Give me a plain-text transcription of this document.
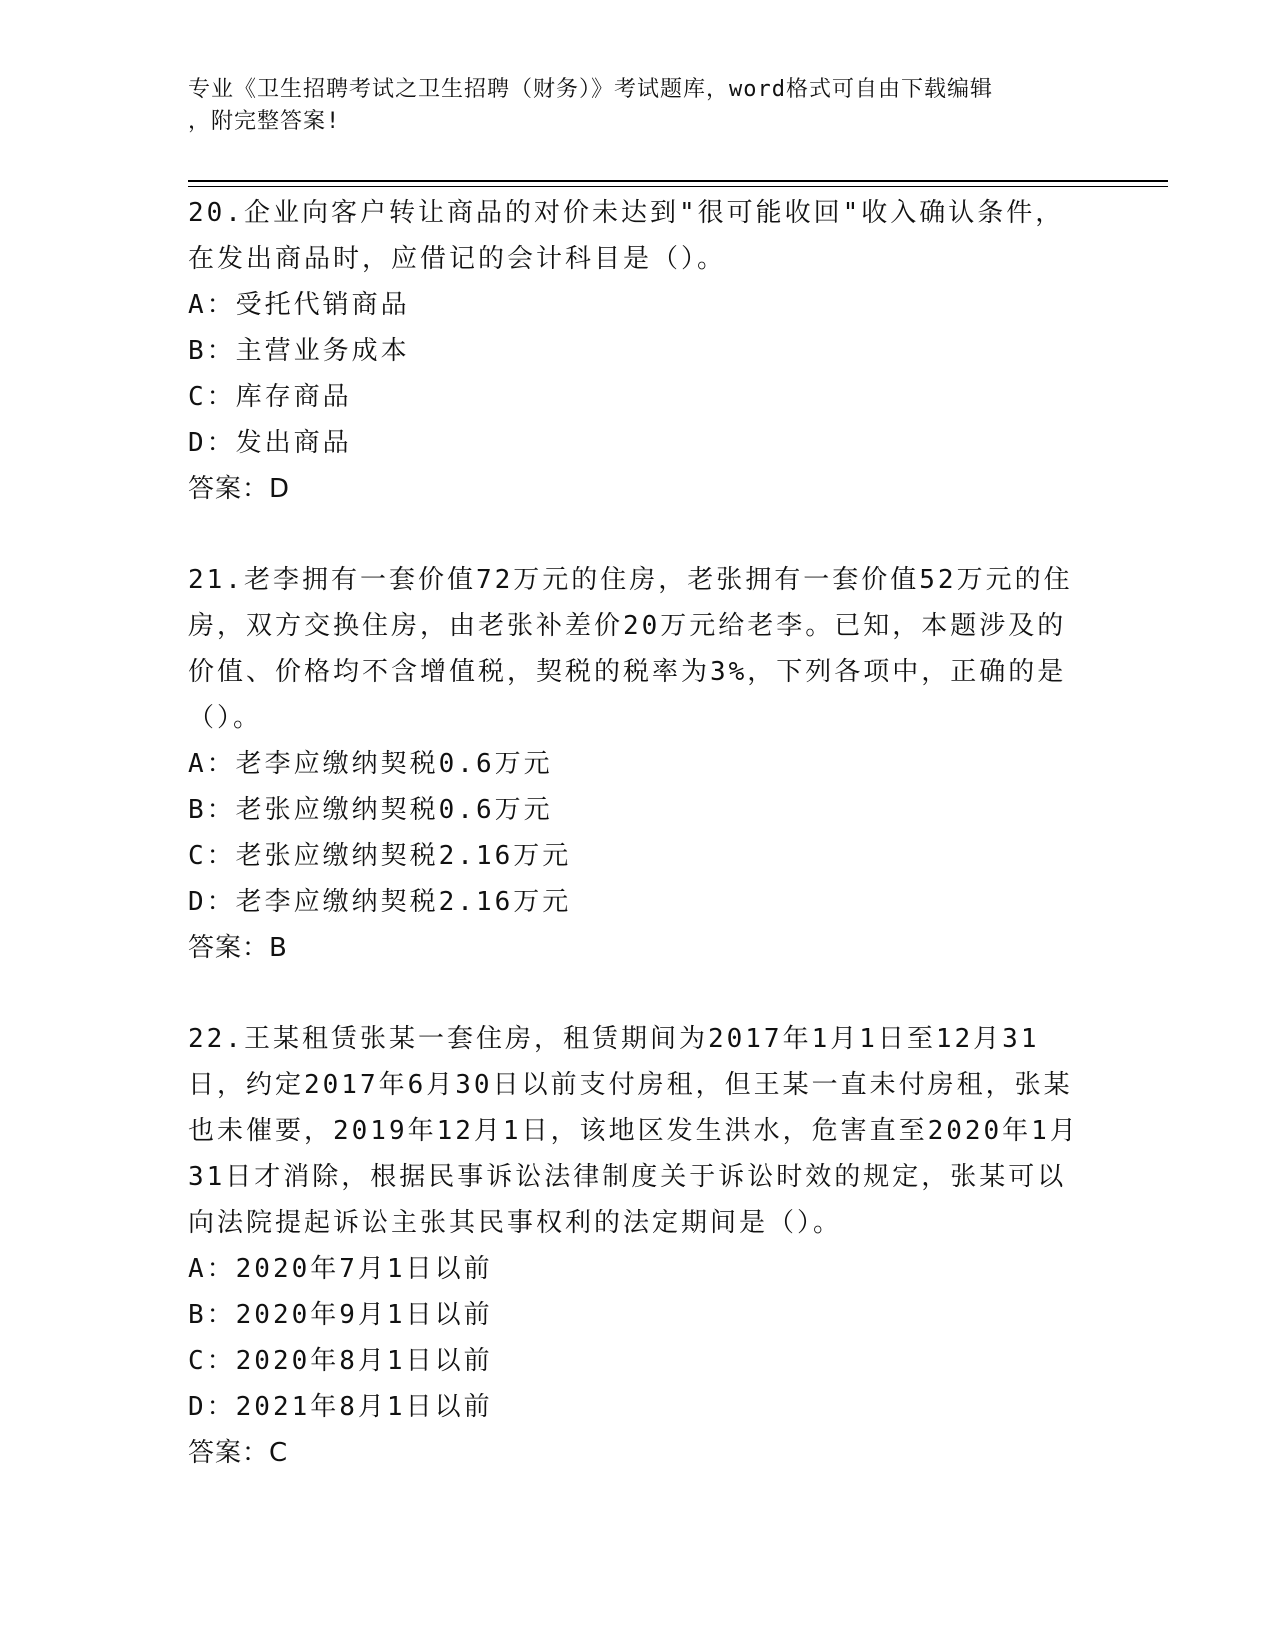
专业《卫生招聘考试之卫生招聘（财务）》考试题库，word格式可自由下载编辑
，附完整答案!

20.企业向客户转让商品的对价未达到"很可能收回"收入确认条件，在发出商品时，应借记的会计科目是（）。

A：受托代销商品

B：主营业务成本

C：库存商品

D：发出商品

答案：D

21.老李拥有一套价值72万元的住房，老张拥有一套价值52万元的住房，双方交换住房，由老张补差价20万元给老李。已知，本题涉及的价值、价格均不含增值税，契税的税率为3%，下列各项中，正确的是（）。

A：老李应缴纳契税0.6万元

B：老张应缴纳契税0.6万元

C：老张应缴纳契税2.16万元

D：老李应缴纳契税2.16万元

答案：B

22.王某租赁张某一套住房，租赁期间为2017年1月1日至12月31日，约定2017年6月30日以前支付房租，但王某一直未付房租，张某也未催要，2019年12月1日，该地区发生洪水，危害直至2020年1月31日才消除，根据民事诉讼法律制度关于诉讼时效的规定，张某可以向法院提起诉讼主张其民事权利的法定期间是（）。

A：2020年7月1日以前

B：2020年9月1日以前

C：2020年8月1日以前

D：2021年8月1日以前

答案：C
